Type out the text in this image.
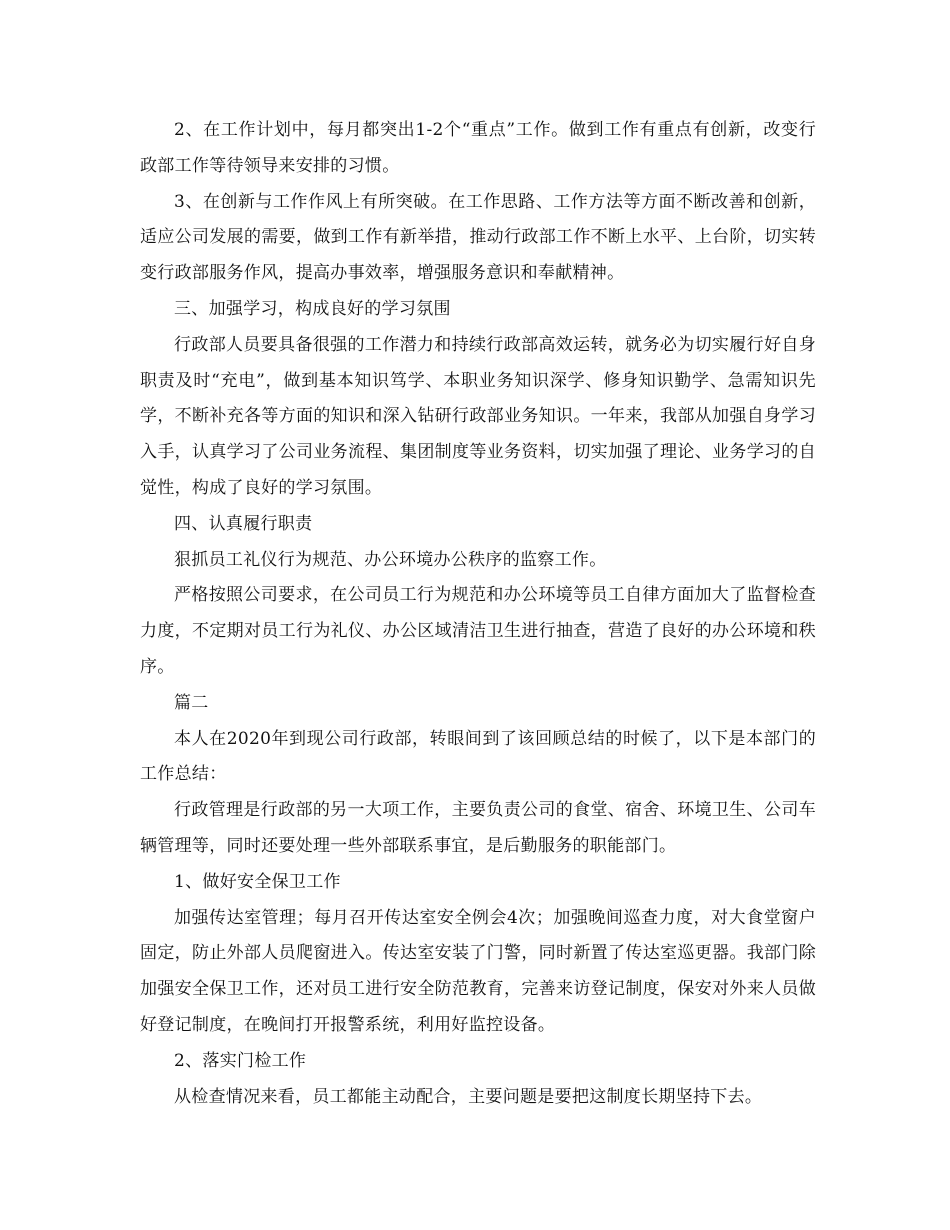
2、在工作计划中，每月都突出1-2个“重点”工作。做到工作有重点有创新，改变行政部工作等待领导来安排的习惯。

3、在创新与工作作风上有所突破。在工作思路、工作方法等方面不断改善和创新，适应公司发展的需要，做到工作有新举措，推动行政部工作不断上水平、上台阶，切实转变行政部服务作风，提高办事效率，增强服务意识和奉献精神。

三、加强学习，构成良好的学习氛围

行政部人员要具备很强的工作潜力和持续行政部高效运转，就务必为切实履行好自身职责及时“充电”，做到基本知识笃学、本职业务知识深学、修身知识勤学、急需知识先学，不断补充各等方面的知识和深入钻研行政部业务知识。一年来，我部从加强自身学习入手，认真学习了公司业务流程、集团制度等业务资料，切实加强了理论、业务学习的自觉性，构成了良好的学习氛围。

四、认真履行职责

狠抓员工礼仪行为规范、办公环境办公秩序的监察工作。

严格按照公司要求，在公司员工行为规范和办公环境等员工自律方面加大了监督检查力度，不定期对员工行为礼仪、办公区域清洁卫生进行抽查，营造了良好的办公环境和秩序。

篇二

本人在2020年到现公司行政部，转眼间到了该回顾总结的时候了，以下是本部门的工作总结：

行政管理是行政部的另一大项工作，主要负责公司的食堂、宿舍、环境卫生、公司车辆管理等，同时还要处理一些外部联系事宜，是后勤服务的职能部门。

1、做好安全保卫工作

加强传达室管理；每月召开传达室安全例会4次；加强晚间巡查力度，对大食堂窗户固定，防止外部人员爬窗进入。传达室安装了门警，同时新置了传达室巡更器。我部门除加强安全保卫工作，还对员工进行安全防范教育，完善来访登记制度，保安对外来人员做好登记制度，在晚间打开报警系统，利用好监控设备。

2、落实门检工作

从检查情况来看，员工都能主动配合，主要问题是要把这制度长期坚持下去。
